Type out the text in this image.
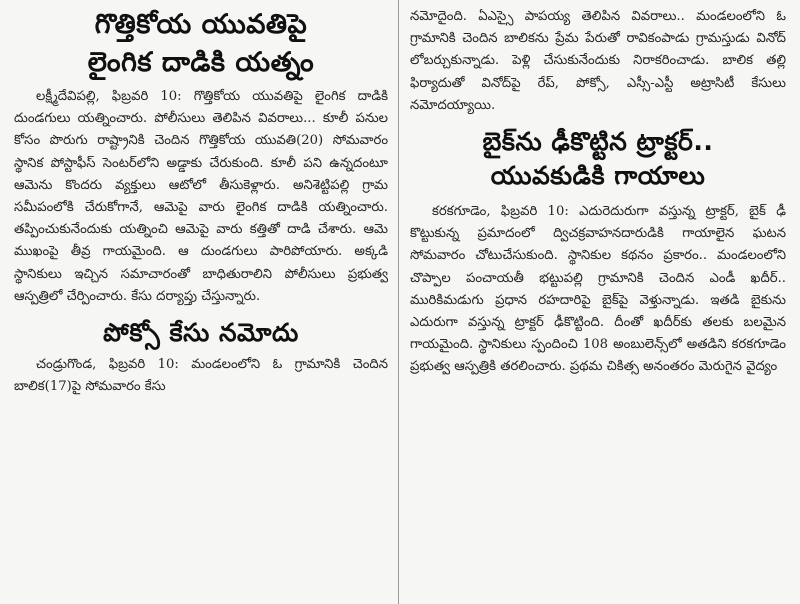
గొత్తికోయ యువతిపై
లైంగిక దాడికి యత్నం

లక్ష్మీదేవిపల్లి, ఫిబ్రవరి 10: గొత్తికోయ యువతిపై లైంగిక దాడికి దుండగులు యత్నించారు. పోలీసులు తెలిపిన వివరాలు... కూలీ పనుల కోసం పొరుగు రాష్ట్రానికి చెందిన గొత్తికోయ యువతి(20) సోమవారం స్థానిక పోస్టాఫీస్ సెంటర్‌లోని అడ్డాకు చేరుకుంది. కూలీ పని ఉన్నదంటూ ఆమెను కొందరు వ్యక్తులు ఆటోలో తీసుకెళ్లారు. అనిశెట్టిపల్లి గ్రామ సమీపంలోకి చేరుకోగానే, ఆమెపై వారు లైంగిక దాడికి యత్నించారు. తప్పించుకునేందుకు యత్నించి ఆమెపై వారు కత్తితో దాడి చేశారు. ఆమె ముఖంపై తీవ్ర గాయమైంది. ఆ దుండగులు పారిపోయారు. అక్కడి స్థానికులు ఇచ్చిన సమాచారంతో బాధితురాలిని పోలీసులు ప్రభుత్వ ఆస్పత్రిలో చేర్పించారు. కేసు దర్యాప్తు చేస్తున్నారు.

పోక్సో కేసు నమోదు

చండ్రుగొండ, ఫిబ్రవరి 10: మండలంలోని ఓ గ్రామానికి చెందిన బాలిక(17)పై సోమవారం కేసు

నమోదైంది. ఏఎస్సై పాపయ్య తెలిపిన వివరాలు.. మండలంలోని ఓ గ్రామానికి చెందిన బాలికను ప్రేమ పేరుతో రావికంపాడు గ్రామస్తుడు వినోద్ లోబర్చుకున్నాడు. పెళ్లి చేసుకునేందుకు నిరాకరించాడు. బాలిక తల్లి ఫిర్యాదుతో వినోద్‌పై రేప్, పోక్సో, ఎస్సీ-ఎస్టీ అట్రాసిటీ కేసులు నమోదయ్యాయి.

బైక్‌ను ఢీకొట్టిన ట్రాక్టర్..
యువకుడికి గాయాలు

కరకగూడెం, ఫిబ్రవరి 10: ఎదురెదురుగా వస్తున్న ట్రాక్టర్, బైక్ ఢీ కొట్టుకున్న ప్రమాదంలో ద్విచక్రవాహనదారుడికి గాయాలైన ఘటన సోమవారం చోటుచేసుకుంది. స్థానికుల కథనం ప్రకారం.. మండలంలోని చొప్పాల పంచాయతీ భట్టుపల్లి గ్రామానికి చెందిన ఎండీ ఖదీర్.. మురికిమడుగు ప్రధాన రహదారిపై బైక్‌పై వెళ్తున్నాడు. ఇతడి బైకును ఎదురుగా వస్తున్న ట్రాక్టర్ ఢీకొట్టింది. దీంతో ఖదీర్‌కు తలకు బలమైన గాయమైంది. స్థానికులు స్పందించి 108 అంబులెన్స్‌లో అతడిని కరకగూడెం ప్రభుత్వ ఆస్పత్రికి తరలించారు. ప్రథమ చికిత్స అనంతరం మెరుగైన వైద్యం
